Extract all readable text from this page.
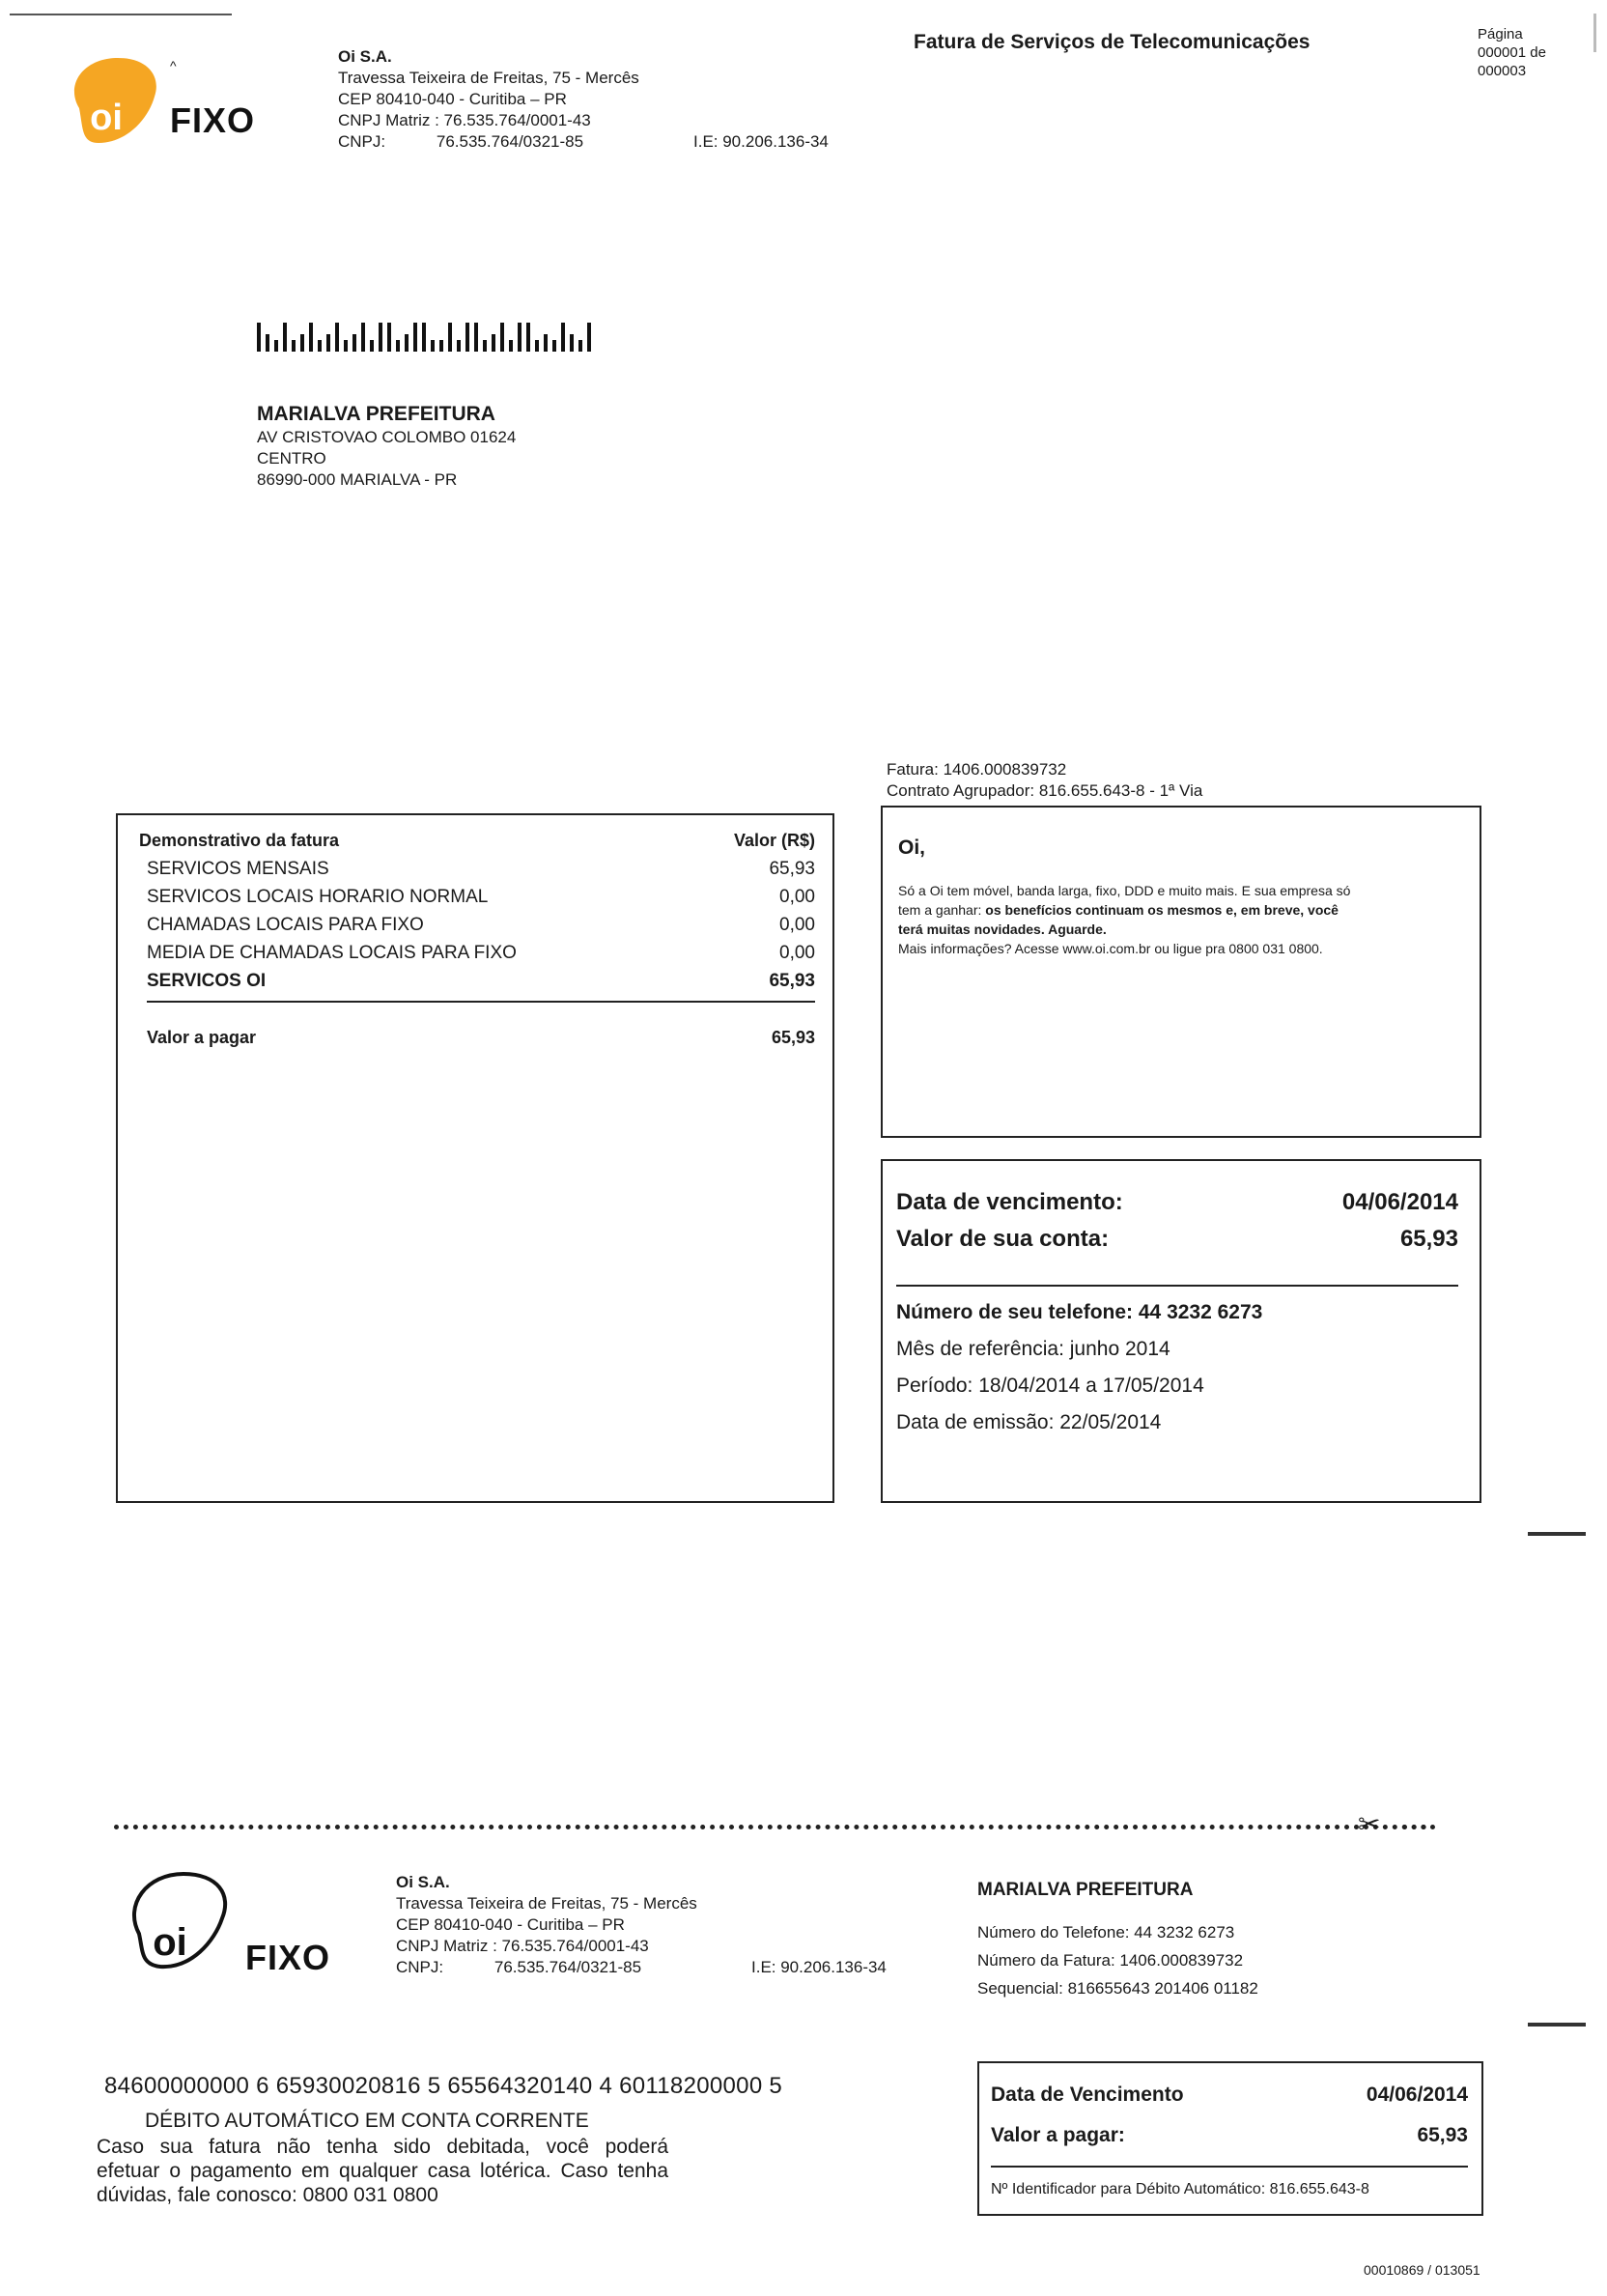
oi
^
FIXO
Oi S.A.
Travessa Teixeira de Freitas, 75 - Mercês
CEP 80410-040 - Curitiba – PR
CNPJ Matriz : 76.535.764/0001-43
CNPJ:	76.535.764/0321-85	I.E: 90.206.136-34
Fatura de Serviços de Telecomunicações	Página
000001 de
000003
MARIALVA PREFEITURA
AV CRISTOVAO COLOMBO 01624
CENTRO
86990-000 MARIALVA - PR
Fatura: 1406.000839732
Contrato Agrupador: 816.655.643-8 - 1ª Via
Demonstrativo da fatura	Valor (R$)
SERVICOS MENSAIS	65,93
SERVICOS LOCAIS HORARIO NORMAL	0,00
CHAMADAS LOCAIS PARA FIXO	0,00
MEDIA DE CHAMADAS LOCAIS PARA FIXO	0,00
SERVICOS OI	65,93
Valor a pagar	65,93
Oi,
Só a Oi tem móvel, banda larga, fixo, DDD e muito mais. E sua empresa só
tem a ganhar: os benefícios continuam os mesmos e, em breve, você
terá muitas novidades. Aguarde.
Mais informações? Acesse www.oi.com.br ou ligue pra 0800 031 0800.
Data de vencimento:	04/06/2014
Valor de sua conta:	65,93
Número de seu telefone: 44 3232 6273
Mês de referência: junho 2014
Período: 18/04/2014 a 17/05/2014
Data de emissão: 22/05/2014
✂
oi FIXO
Oi S.A.
Travessa Teixeira de Freitas, 75 - Mercês
CEP 80410-040 - Curitiba – PR
CNPJ Matriz : 76.535.764/0001-43
CNPJ:	76.535.764/0321-85	I.E: 90.206.136-34
MARIALVA PREFEITURA
Número do Telefone: 44 3232 6273
Número da Fatura: 1406.000839732
Sequencial: 816655643 201406 01182
84600000000 6 65930020816 5 65564320140 4 60118200000 5
DÉBITO AUTOMÁTICO EM CONTA CORRENTE
Caso sua fatura não tenha sido debitada, você poderá
efetuar o pagamento em qualquer casa lotérica. Caso tenha
dúvidas, fale conosco: 0800 031 0800
Data de Vencimento	04/06/2014
Valor a pagar:	65,93
Nº Identificador para Débito Automático: 816.655.643-8
00010869 / 013051
